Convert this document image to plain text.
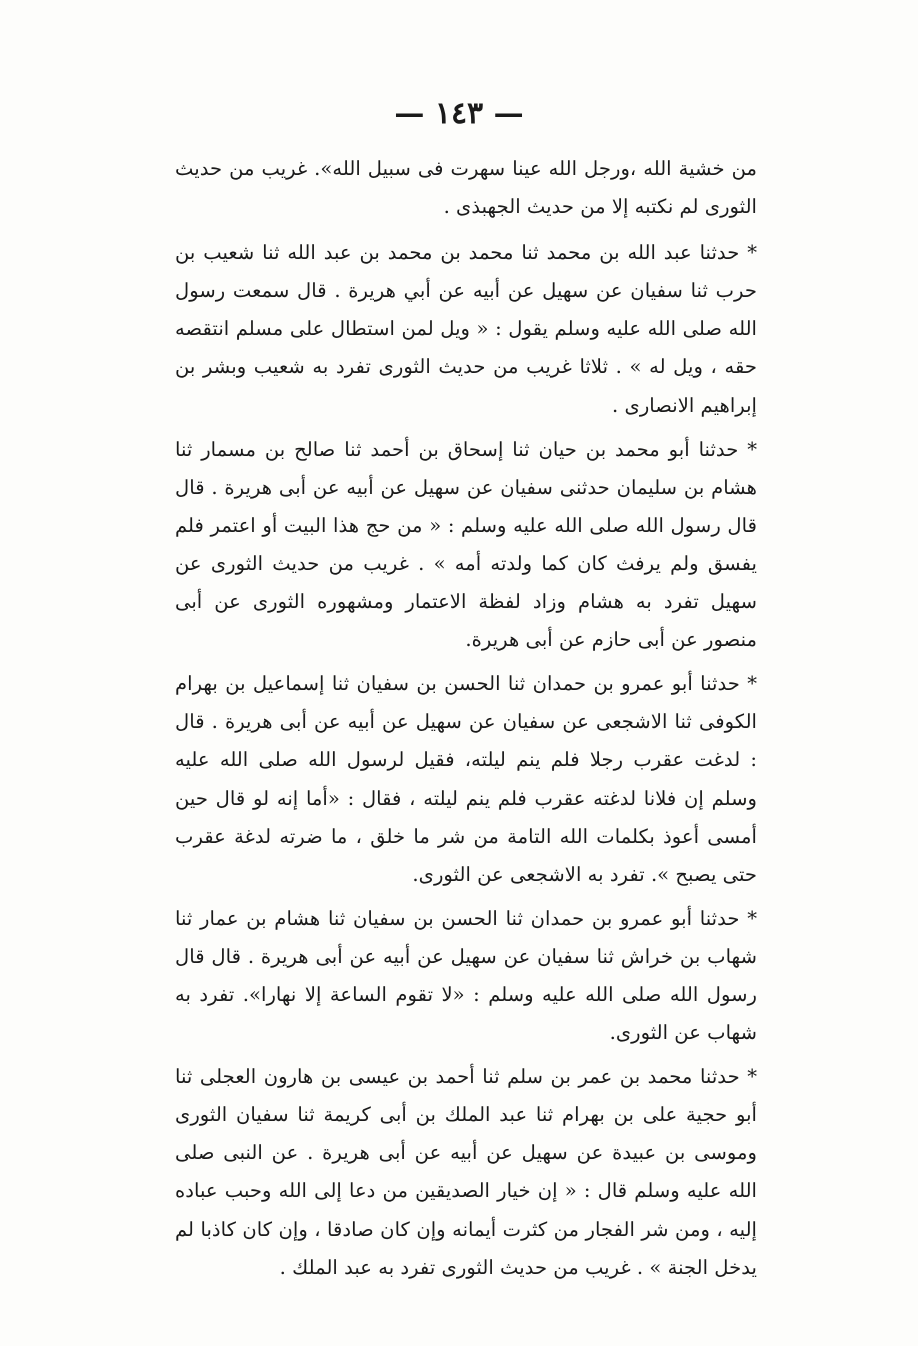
— ١٤٣ —

من خشية الله ،ورجل الله عينا سهرت فى سبيل الله». غريب من حديث الثورى لم نكتبه إلا من حديث الجهبذى .

* حدثنا عبد الله بن محمد ثنا محمد بن محمد بن عبد الله ثنا شعيب بن حرب ثنا سفيان عن سهيل عن أبيه عن أبي هريرة . قال سمعت رسول الله صلى الله عليه وسلم يقول : « ويل لمن استطال على مسلم انتقصه حقه ، ويل له » . ثلاثا غريب من حديث الثورى تفرد به شعيب وبشر بن إبراهيم الانصارى .

* حدثنا أبو محمد بن حيان ثنا إسحاق بن أحمد ثنا صالح بن مسمار ثنا هشام بن سليمان حدثنى سفيان عن سهيل عن أبيه عن أبى هريرة . قال قال رسول الله صلى الله عليه وسلم : « من حج هذا البيت أو اعتمر فلم يفسق ولم يرفث كان كما ولدته أمه » . غريب من حديث الثورى عن سهيل تفرد به هشام وزاد لفظة الاعتمار ومشهوره الثورى عن أبى منصور عن أبى حازم عن أبى هريرة.

* حدثنا أبو عمرو بن حمدان ثنا الحسن بن سفيان ثنا إسماعيل بن بهرام الكوفى ثنا الاشجعى عن سفيان عن سهيل عن أبيه عن أبى هريرة . قال : لدغت عقرب رجلا فلم ينم ليلته، فقيل لرسول الله صلى الله عليه وسلم إن فلانا لدغته عقرب فلم ينم ليلته ، فقال : «أما إنه لو قال حين أمسى أعوذ بكلمات الله التامة من شر ما خلق ، ما ضرته لدغة عقرب حتى يصبح ». تفرد به الاشجعى عن الثورى.

* حدثنا أبو عمرو بن حمدان ثنا الحسن بن سفيان ثنا هشام بن عمار ثنا شهاب بن خراش ثنا سفيان عن سهيل عن أبيه عن أبى هريرة . قال قال رسول الله صلى الله عليه وسلم : «لا تقوم الساعة إلا نهارا». تفرد به شهاب عن الثورى.

* حدثنا محمد بن عمر بن سلم ثنا أحمد بن عيسى بن هارون العجلى ثنا أبو حجية على بن بهرام ثنا عبد الملك بن أبى كريمة ثنا سفيان الثورى وموسى بن عبيدة عن سهيل عن أبيه عن أبى هريرة . عن النبى صلى الله عليه وسلم قال : « إن خيار الصديقين من دعا إلى الله وحبب عباده إليه ، ومن شر الفجار من كثرت أيمانه وإن كان صادقا ، وإن كان كاذبا لم يدخل الجنة » . غريب من حديث الثورى تفرد به عبد الملك .
